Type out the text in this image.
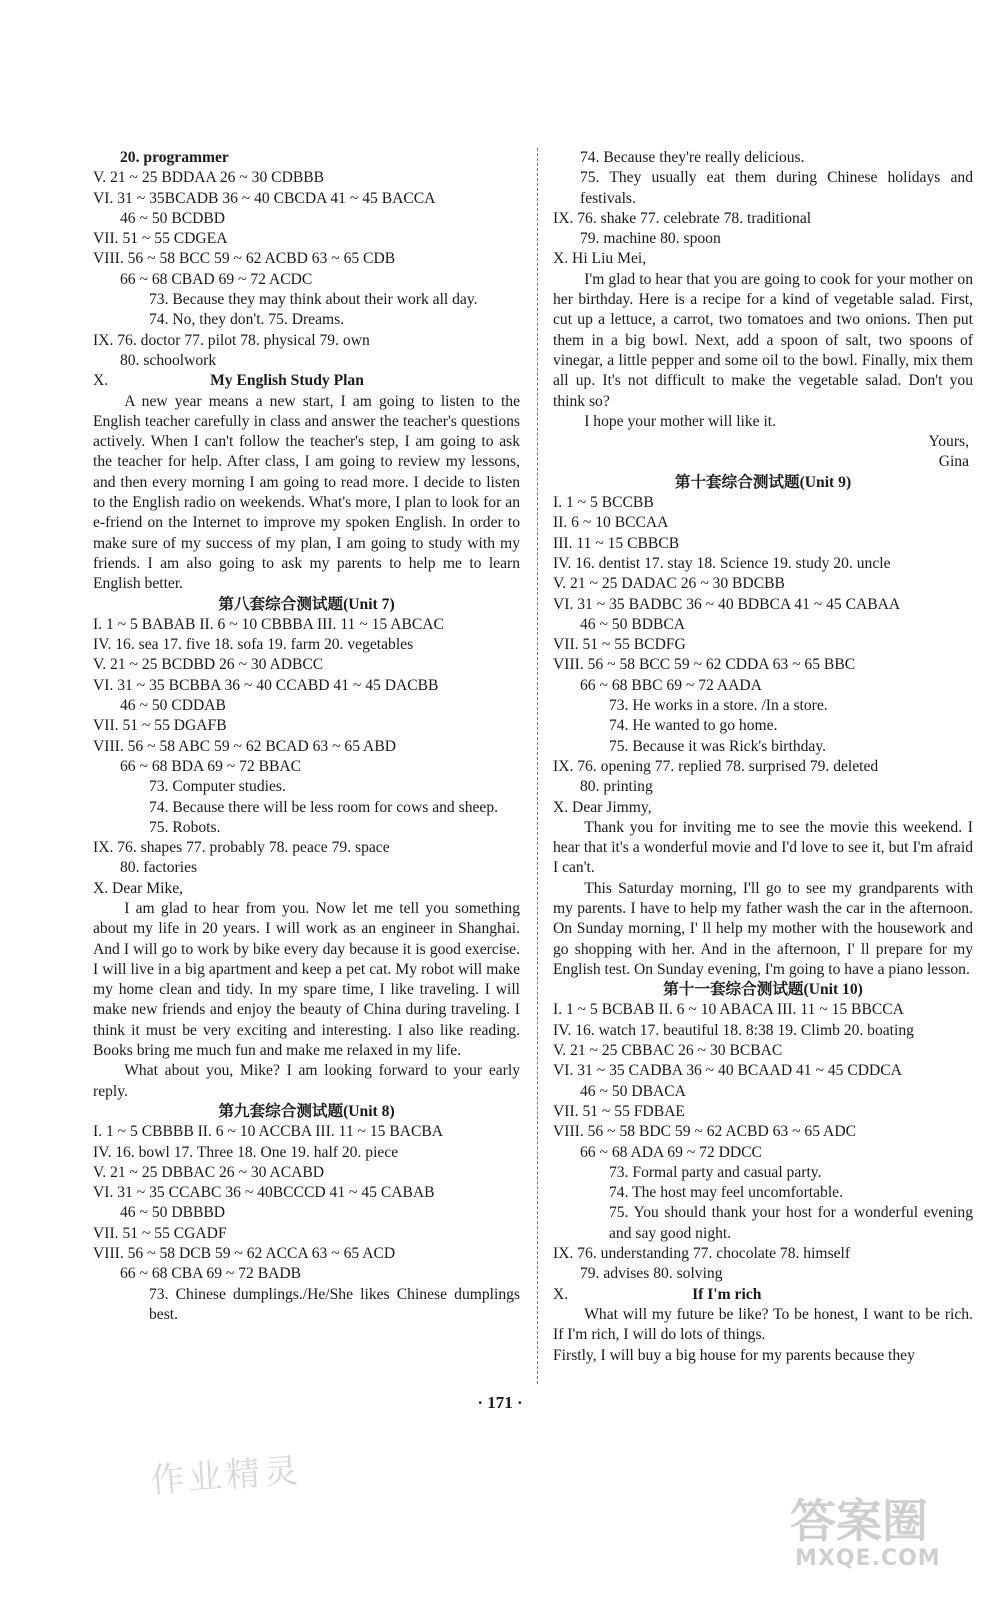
20. programmer
V. 21 ~ 25 BDDAA 26 ~ 30 CDBBB
VI. 31 ~ 35BCADB 36 ~ 40 CBCDA 41 ~ 45 BACCA
46 ~ 50 BCDBD
VII. 51 ~ 55 CDGEA
VIII. 56 ~ 58 BCC 59 ~ 62 ACBD 63 ~ 65 CDB
66 ~ 68 CBAD 69 ~ 72 ACDC
73. Because they may think about their work all day.
74. No, they don't. 75. Dreams.
IX. 76. doctor 77. pilot 78. physical 79. own
80. schoolwork
X.	My English Study Plan
A new year means a new start, I am going to listen to the English teacher carefully in class and answer the teacher's questions actively. When I can't follow the teacher's step, I am going to ask the teacher for help. After class, I am going to review my lessons, and then every morning I am going to read more. I decide to listen to the English radio on weekends. What's more, I plan to look for an e-friend on the Internet to improve my spoken English. In order to make sure of my success of my plan, I am going to study with my friends. I am also going to ask my parents to help me to learn English better.
第八套综合测试题(Unit 7)
I. 1 ~ 5 BABAB II. 6 ~ 10 CBBBA III. 11 ~ 15 ABCAC
IV. 16. sea 17. five 18. sofa 19. farm 20. vegetables
V. 21 ~ 25 BCDBD 26 ~ 30 ADBCC
VI. 31 ~ 35 BCBBA 36 ~ 40 CCABD 41 ~ 45 DACBB
46 ~ 50 CDDAB
VII. 51 ~ 55 DGAFB
VIII. 56 ~ 58 ABC 59 ~ 62 BCAD 63 ~ 65 ABD
66 ~ 68 BDA 69 ~ 72 BBAC
73. Computer studies.
74. Because there will be less room for cows and sheep.
75. Robots.
IX. 76. shapes 77. probably 78. peace 79. space
80. factories
X. Dear Mike,
I am glad to hear from you. Now let me tell you something about my life in 20 years. I will work as an engineer in Shanghai. And I will go to work by bike every day because it is good exercise. I will live in a big apartment and keep a pet cat. My robot will make my home clean and tidy. In my spare time, I like traveling. I will make new friends and enjoy the beauty of China during traveling. I think it must be very exciting and interesting. I also like reading. Books bring me much fun and make me relaxed in my life.
What about you, Mike? I am looking forward to your early reply.
第九套综合测试题(Unit 8)
I. 1 ~ 5 CBBBB II. 6 ~ 10 ACCBA III. 11 ~ 15 BACBA
IV. 16. bowl 17. Three 18. One 19. half 20. piece
V. 21 ~ 25 DBBAC 26 ~ 30 ACABD
VI. 31 ~ 35 CCABC 36 ~ 40BCCCD 41 ~ 45 CABAB
46 ~ 50 DBBBD
VII. 51 ~ 55 CGADF
VIII. 56 ~ 58 DCB 59 ~ 62 ACCA 63 ~ 65 ACD
66 ~ 68 CBA 69 ~ 72 BADB
73. Chinese dumplings./He/She likes Chinese dumplings best.
74. Because they're really delicious.
75. They usually eat them during Chinese holidays and festivals.
IX. 76. shake 77. celebrate 78. traditional
79. machine 80. spoon
X. Hi Liu Mei,
I'm glad to hear that you are going to cook for your mother on her birthday. Here is a recipe for a kind of vegetable salad. First, cut up a lettuce, a carrot, two tomatoes and two onions. Then put them in a big bowl. Next, add a spoon of salt, two spoons of vinegar, a little pepper and some oil to the bowl. Finally, mix them all up. It's not difficult to make the vegetable salad. Don't you think so?
I hope your mother will like it.
Yours,
Gina
第十套综合测试题(Unit 9)
I. 1 ~ 5 BCCBB
II. 6 ~ 10 BCCAA
III. 11 ~ 15 CBBCB
IV. 16. dentist 17. stay 18. Science 19. study 20. uncle
V. 21 ~ 25 DADAC 26 ~ 30 BDCBB
VI. 31 ~ 35 BADBC 36 ~ 40 BDBCA 41 ~ 45 CABAA
46 ~ 50 BDBCA
VII. 51 ~ 55 BCDFG
VIII. 56 ~ 58 BCC 59 ~ 62 CDDA 63 ~ 65 BBC
66 ~ 68 BBC 69 ~ 72 AADA
73. He works in a store. /In a store.
74. He wanted to go home.
75. Because it was Rick's birthday.
IX. 76. opening 77. replied 78. surprised 79. deleted
80. printing
X. Dear Jimmy,
Thank you for inviting me to see the movie this weekend. I hear that it's a wonderful movie and I'd love to see it, but I'm afraid I can't.
This Saturday morning, I'll go to see my grandparents with my parents. I have to help my father wash the car in the afternoon. On Sunday morning, I' ll help my mother with the housework and go shopping with her. And in the afternoon, I' ll prepare for my English test. On Sunday evening, I'm going to have a piano lesson.
第十一套综合测试题(Unit 10)
I. 1 ~ 5 BCBAB II. 6 ~ 10 ABACA III. 11 ~ 15 BBCCA
IV. 16. watch 17. beautiful 18. 8:38 19. Climb 20. boating
V. 21 ~ 25 CBBAC 26 ~ 30 BCBAC
VI. 31 ~ 35 CADBA 36 ~ 40 BCAAD 41 ~ 45 CDDCA
46 ~ 50 DBACA
VII. 51 ~ 55 FDBAE
VIII. 56 ~ 58 BDC 59 ~ 62 ACBD 63 ~ 65 ADC
66 ~ 68 ADA 69 ~ 72 DDCC
73. Formal party and casual party.
74. The host may feel uncomfortable.
75. You should thank your host for a wonderful evening and say good night.
IX. 76. understanding 77. chocolate 78. himself
79. advises 80. solving
X.	If I'm rich
What will my future be like? To be honest, I want to be rich. If I'm rich, I will do lots of things.
Firstly, I will buy a big house for my parents because they
· 171 ·
作业精灵
答案圈
MXQE.COM
